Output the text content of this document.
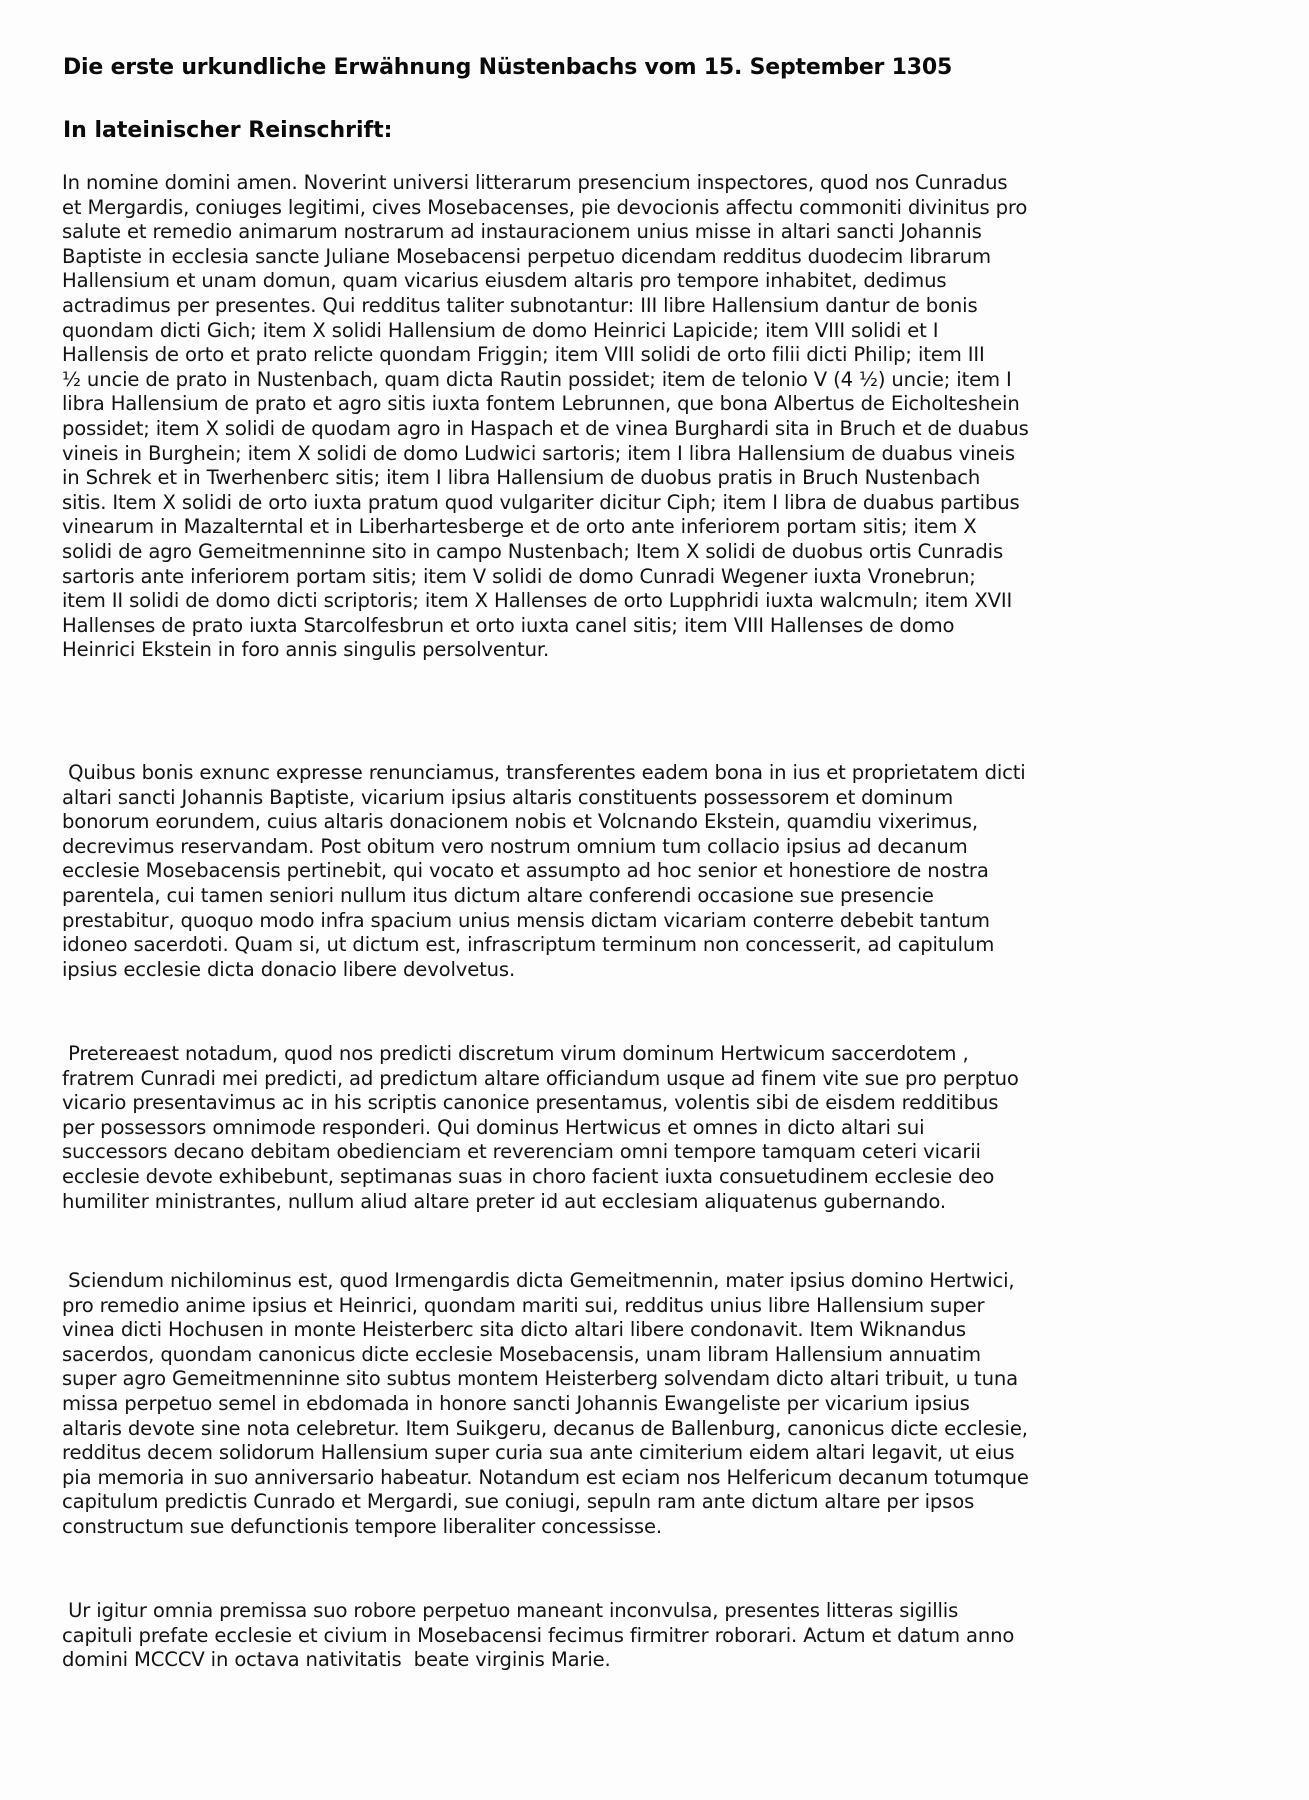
Die erste urkundliche Erwähnung Nüstenbachs vom 15. September 1305
In lateinischer Reinschrift:
In nomine domini amen. Noverint universi litterarum presencium inspectores, quod nos Cunradus
et Mergardis, coniuges legitimi, cives Mosebacenses, pie devocionis affectu commoniti divinitus pro
salute et remedio animarum nostrarum ad instauracionem unius misse in altari sancti Johannis
Baptiste in ecclesia sancte Juliane Mosebacensi perpetuo dicendam redditus duodecim librarum
Hallensium et unam domun, quam vicarius eiusdem altaris pro tempore inhabitet, dedimus
actradimus per presentes. Qui redditus taliter subnotantur: III libre Hallensium dantur de bonis
quondam dicti Gich; item X solidi Hallensium de domo Heinrici Lapicide; item VIII solidi et I
Hallensis de orto et prato relicte quondam Friggin; item VIII solidi de orto filii dicti Philip; item III
½ uncie de prato in Nustenbach, quam dicta Rautin possidet; item de telonio V (4 ½) uncie; item I
libra Hallensium de prato et agro sitis iuxta fontem Lebrunnen, que bona Albertus de Eicholteshein
possidet; item X solidi de quodam agro in Haspach et de vinea Burghardi sita in Bruch et de duabus
vineis in Burghein; item X solidi de domo Ludwici sartoris; item I libra Hallensium de duabus vineis
in Schrek et in Twerhenberc sitis; item I libra Hallensium de duobus pratis in Bruch Nustenbach
sitis. Item X solidi de orto iuxta pratum quod vulgariter dicitur Ciph; item I libra de duabus partibus
vinearum in Mazalterntal et in Liberhartesberge et de orto ante inferiorem portam sitis; item X
solidi de agro Gemeitmenninne sito in campo Nustenbach; Item X solidi de duobus ortis Cunradis
sartoris ante inferiorem portam sitis; item V solidi de domo Cunradi Wegener iuxta Vronebrun;
item II solidi de domo dicti scriptoris; item X Hallenses de orto Lupphridi iuxta walcmuln; item XVII
Hallenses de prato iuxta Starcolfesbrun et orto iuxta canel sitis; item VIII Hallenses de domo
Heinrici Ekstein in foro annis singulis persolventur.
Quibus bonis exnunc expresse renunciamus, transferentes eadem bona in ius et proprietatem dicti
altari sancti Johannis Baptiste, vicarium ipsius altaris constituents possessorem et dominum
bonorum eorundem, cuius altaris donacionem nobis et Volcnando Ekstein, quamdiu vixerimus,
decrevimus reservandam. Post obitum vero nostrum omnium tum collacio ipsius ad decanum
ecclesie Mosebacensis pertinebit, qui vocato et assumpto ad hoc senior et honestiore de nostra
parentela, cui tamen seniori nullum itus dictum altare conferendi occasione sue presencie
prestabitur, quoquo modo infra spacium unius mensis dictam vicariam conterre debebit tantum
idoneo sacerdoti. Quam si, ut dictum est, infrascriptum terminum non concesserit, ad capitulum
ipsius ecclesie dicta donacio libere devolvetus.
Pretereaest notadum, quod nos predicti discretum virum dominum Hertwicum saccerdotem ,
fratrem Cunradi mei predicti, ad predictum altare officiandum usque ad finem vite sue pro perptuo
vicario presentavimus ac in his scriptis canonice presentamus, volentis sibi de eisdem redditibus
per possessors omnimode responderi. Qui dominus Hertwicus et omnes in dicto altari sui
successors decano debitam obedienciam et reverenciam omni tempore tamquam ceteri vicarii
ecclesie devote exhibebunt, septimanas suas in choro facient iuxta consuetudinem ecclesie deo
humiliter ministrantes, nullum aliud altare preter id aut ecclesiam aliquatenus gubernando.
Sciendum nichilominus est, quod Irmengardis dicta Gemeitmennin, mater ipsius domino Hertwici,
pro remedio anime ipsius et Heinrici, quondam mariti sui, redditus unius libre Hallensium super
vinea dicti Hochusen in monte Heisterberc sita dicto altari libere condonavit. Item Wiknandus
sacerdos, quondam canonicus dicte ecclesie Mosebacensis, unam libram Hallensium annuatim
super agro Gemeitmenninne sito subtus montem Heisterberg solvendam dicto altari tribuit, u tuna
missa perpetuo semel in ebdomada in honore sancti Johannis Ewangeliste per vicarium ipsius
altaris devote sine nota celebretur. Item Suikgeru, decanus de Ballenburg, canonicus dicte ecclesie,
redditus decem solidorum Hallensium super curia sua ante cimiterium eidem altari legavit, ut eius
pia memoria in suo anniversario habeatur. Notandum est eciam nos Helfericum decanum totumque
capitulum predictis Cunrado et Mergardi, sue coniugi, sepuln ram ante dictum altare per ipsos
constructum sue defunctionis tempore liberaliter concessisse.
Ur igitur omnia premissa suo robore perpetuo maneant inconvulsa, presentes litteras sigillis
capituli prefate ecclesie et civium in Mosebacensi fecimus firmitrer roborari. Actum et datum anno
domini MCCCV in octava nativitatis  beate virginis Marie.
